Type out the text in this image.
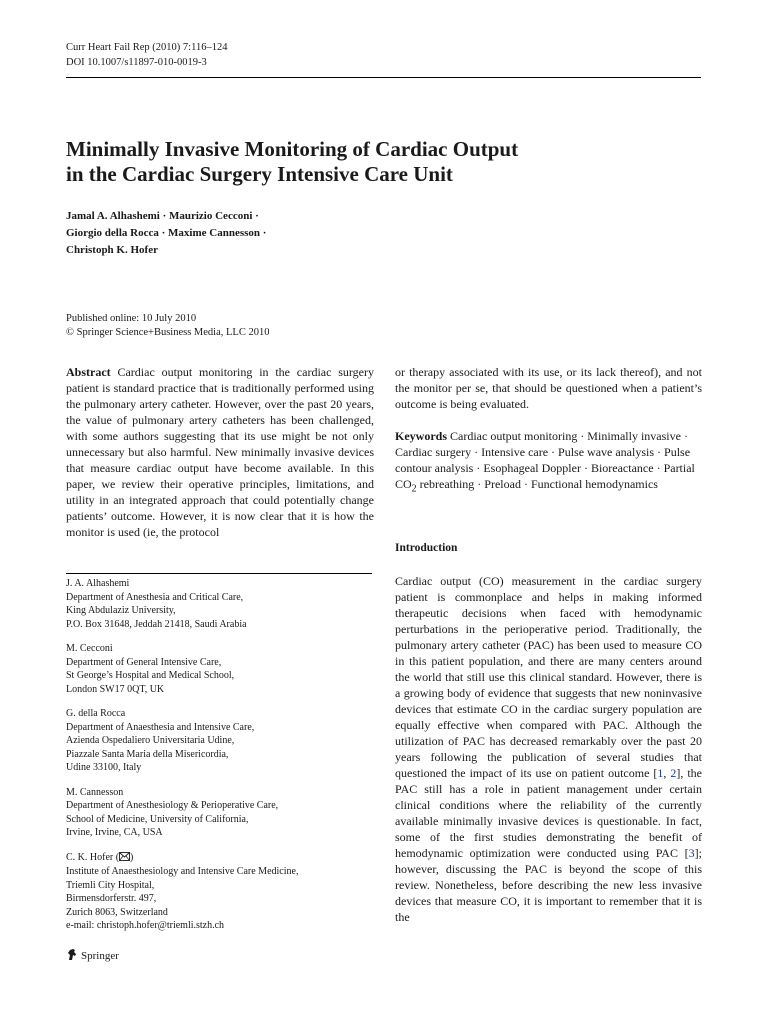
Curr Heart Fail Rep (2010) 7:116–124
DOI 10.1007/s11897-010-0019-3
Minimally Invasive Monitoring of Cardiac Output
in the Cardiac Surgery Intensive Care Unit
Jamal A. Alhashemi · Maurizio Cecconi ·
Giorgio della Rocca · Maxime Cannesson ·
Christoph K. Hofer
Published online: 10 July 2010
© Springer Science+Business Media, LLC 2010
Abstract Cardiac output monitoring in the cardiac surgery patient is standard practice that is traditionally performed using the pulmonary artery catheter. However, over the past 20 years, the value of pulmonary artery catheters has been challenged, with some authors suggesting that its use might be not only unnecessary but also harmful. New minimally invasive devices that measure cardiac output have become available. In this paper, we review their operative principles, limitations, and utility in an integrated approach that could potentially change patients’ outcome. However, it is now clear that it is how the monitor is used (ie, the protocol
or therapy associated with its use, or its lack thereof), and not the monitor per se, that should be questioned when a patient’s outcome is being evaluated.
Keywords Cardiac output monitoring · Minimally invasive · Cardiac surgery · Intensive care · Pulse wave analysis · Pulse contour analysis · Esophageal Doppler · Bioreactance · Partial $CO_2$ rebreathing · Preload · Functional hemodynamics
Introduction
Cardiac output (CO) measurement in the cardiac surgery patient is commonplace and helps in making informed therapeutic decisions when faced with hemodynamic perturbations in the perioperative period. Traditionally, the pulmonary artery catheter (PAC) has been used to measure CO in this patient population, and there are many centers around the world that still use this clinical standard. However, there is a growing body of evidence that suggests that new noninvasive devices that estimate CO in the cardiac surgery population are equally effective when compared with PAC. Although the utilization of PAC has decreased remarkably over the past 20 years following the publication of several studies that questioned the impact of its use on patient outcome [1, 2], the PAC still has a role in patient management under certain clinical conditions where the reliability of the currently available minimally invasive devices is questionable. In fact, some of the first studies demonstrating the benefit of hemodynamic optimization were conducted using PAC [3]; however, discussing the PAC is beyond the scope of this review. Nonetheless, before describing the new less invasive devices that measure CO, it is important to remember that it is the
J. A. Alhashemi
Department of Anesthesia and Critical Care,
King Abdulaziz University,
P.O. Box 31648, Jeddah 21418, Saudi Arabia
M. Cecconi
Department of General Intensive Care,
St George’s Hospital and Medical School,
London SW17 0QT, UK
G. della Rocca
Department of Anaesthesia and Intensive Care,
Azienda Ospedaliero Universitaria Udine,
Piazzale Santa Maria della Misericordia,
Udine 33100, Italy
M. Cannesson
Department of Anesthesiology & Perioperative Care,
School of Medicine, University of California,
Irvine, Irvine, CA, USA
C. K. Hofer ( )
Institute of Anaesthesiology and Intensive Care Medicine,
Triemli City Hospital,
Birmensdorferstr. 497,
Zurich 8063, Switzerland
e-mail: christoph.hofer@triemli.stzh.ch
Springer
